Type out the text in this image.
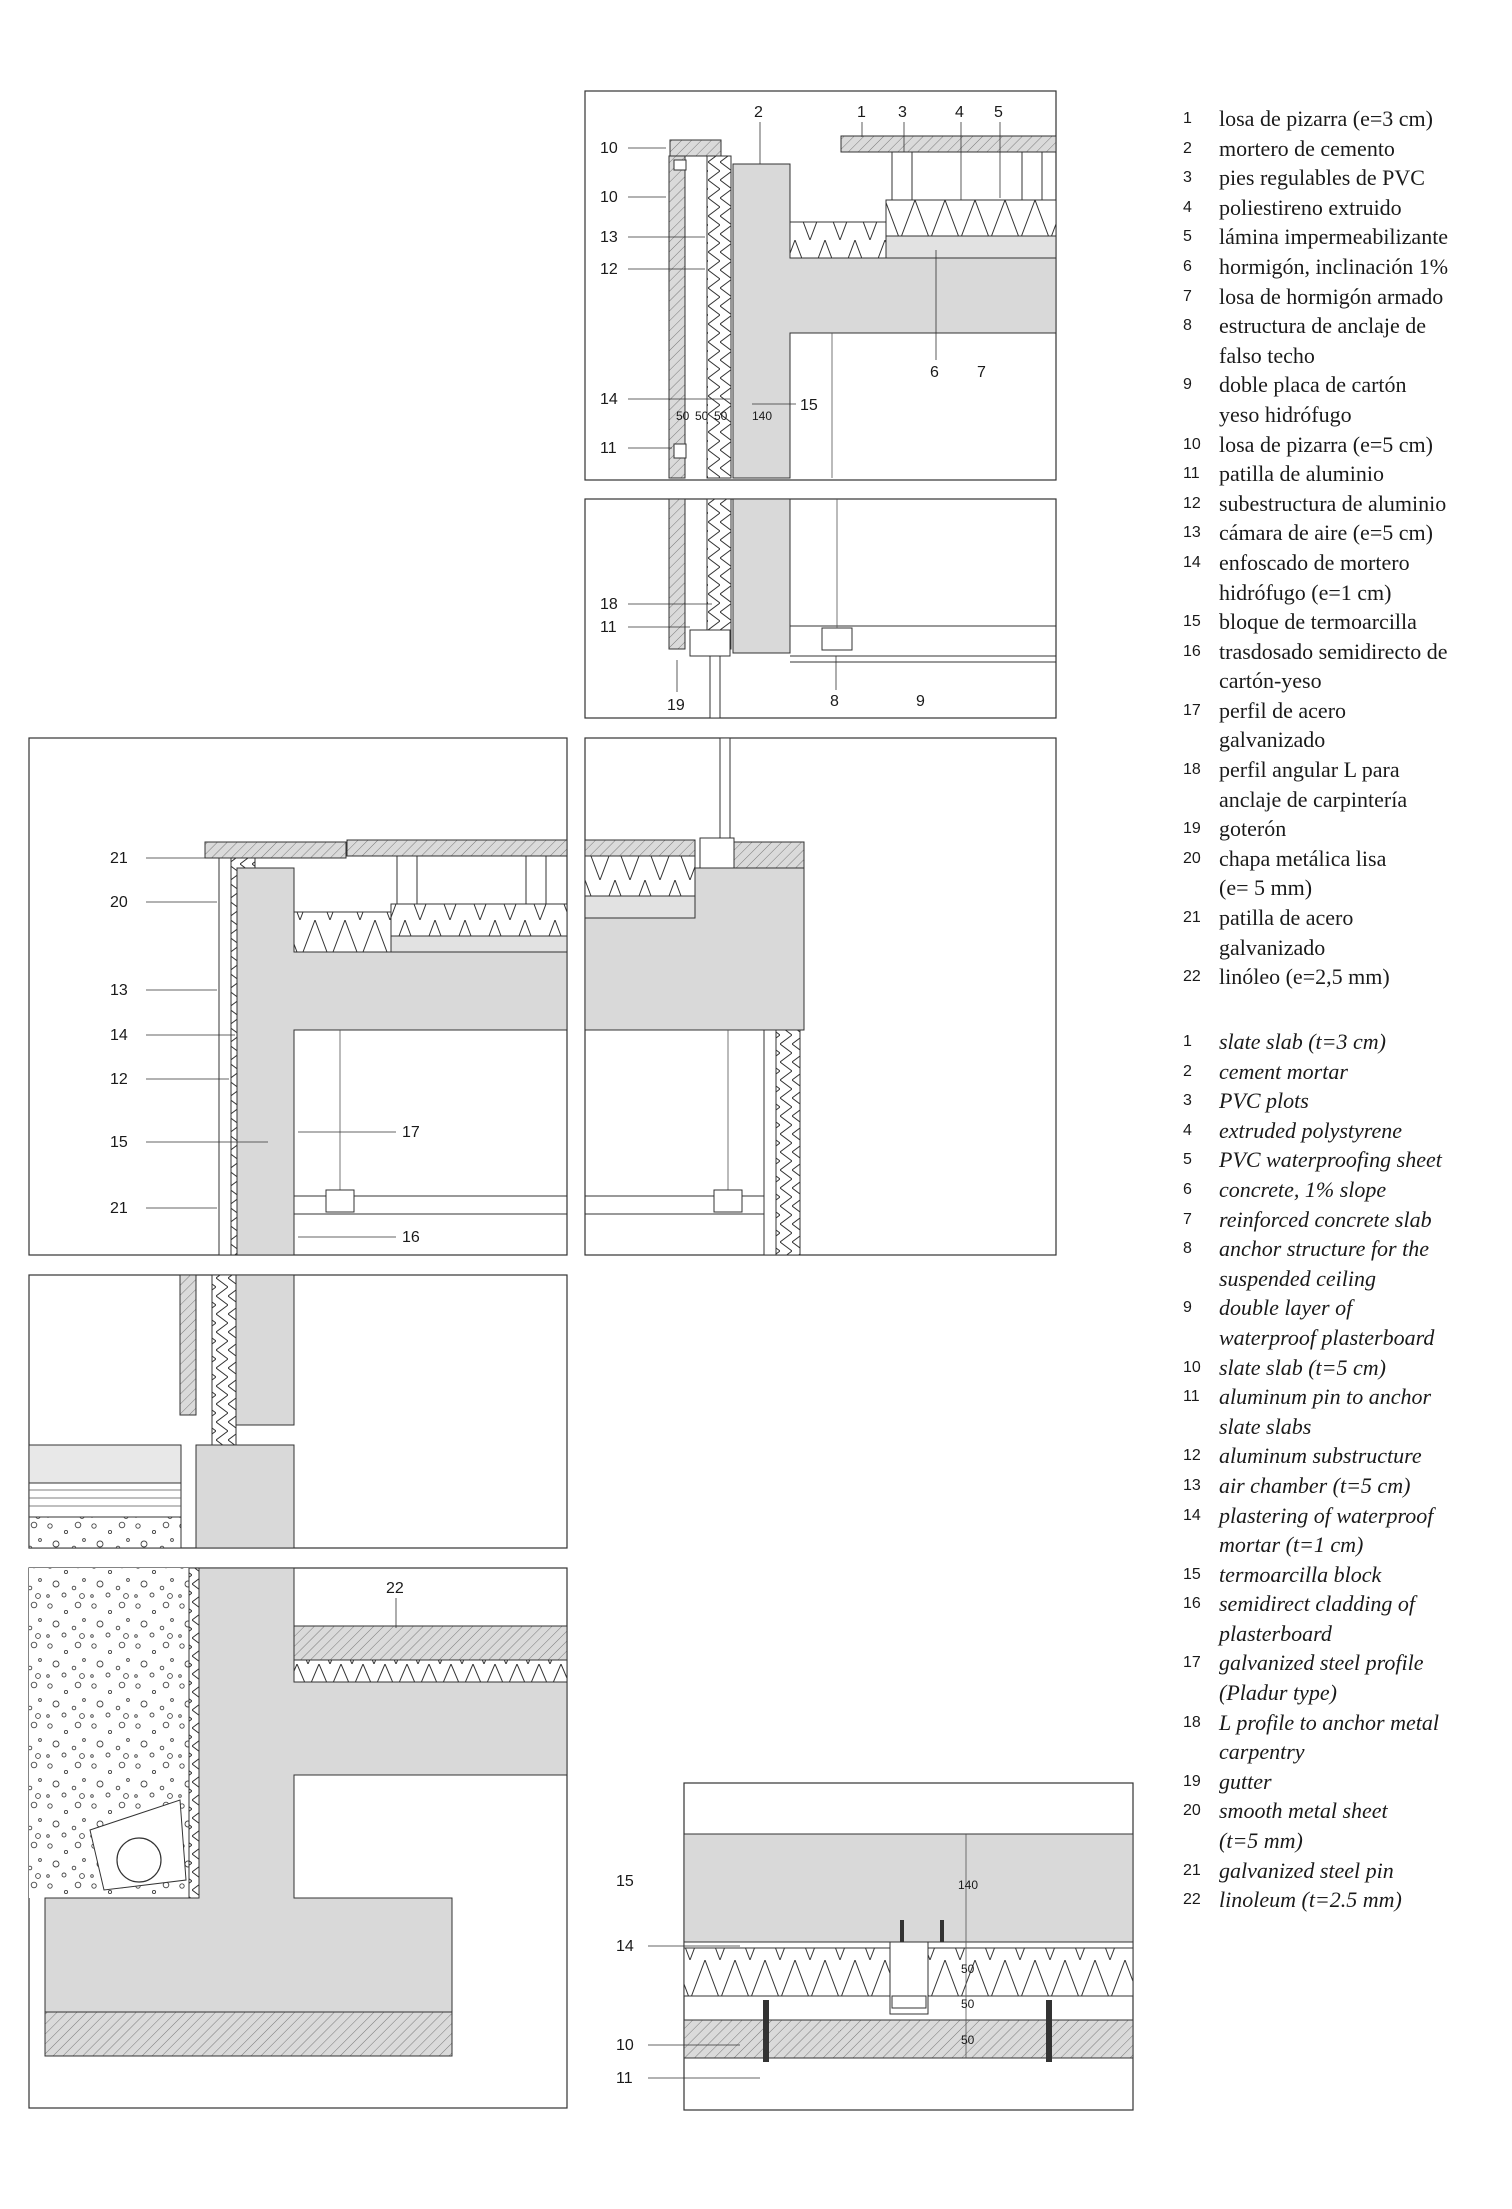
10
10
13
12
14
11
2	1 3	4 5
6 7
15
50 50 50 140
18
11
19	8	9
21
20
13
14
12
15
21
17
16
22
15
14
10
11
140
50
50
50
1	losa de pizarra (e=3 cm)
2	mortero de cemento
3	pies regulables de PVC
4	poliestireno extruido
5	lámina impermeabilizante
6	hormigón, inclinación 1%
7	losa de hormigón armado
8	estructura de anclaje de
falso techo
9	doble placa de cartón
yeso hidrófugo
10 losa de pizarra (e=5 cm)
11 patilla de aluminio
12 subestructura de aluminio
13 cámara de aire (e=5 cm)
14 enfoscado de mortero
hidrófugo (e=1 cm)
15 bloque de termoarcilla
16 trasdosado semidirecto de
cartón-yeso
17 perfil de acero
galvanizado
18 perfil angular L para
anclaje de carpintería
19 goterón
20 chapa metálica lisa
(e= 5 mm)
21 patilla de acero
galvanizado
22 linóleo (e=2,5 mm)
1	slate slab (t=3 cm)
2	cement mortar
3	PVC plots
4	extruded polystyrene
5	PVC waterproofing sheet
6	concrete, 1% slope
7	reinforced concrete slab
8	anchor structure for the
suspended ceiling
9	double layer of
waterproof plasterboard
10 slate slab (t=5 cm)
11 aluminum pin to anchor
slate slabs
12 aluminum substructure
13 air chamber (t=5 cm)
14 plastering of waterproof
mortar (t=1 cm)
15 termoarcilla block
16 semidirect cladding of
plasterboard
17 galvanized steel profile
(Pladur type)
18 L profile to anchor metal
carpentry
19 gutter
20 smooth metal sheet
(t=5 mm)
21 galvanized steel pin
22 linoleum (t=2.5 mm)
